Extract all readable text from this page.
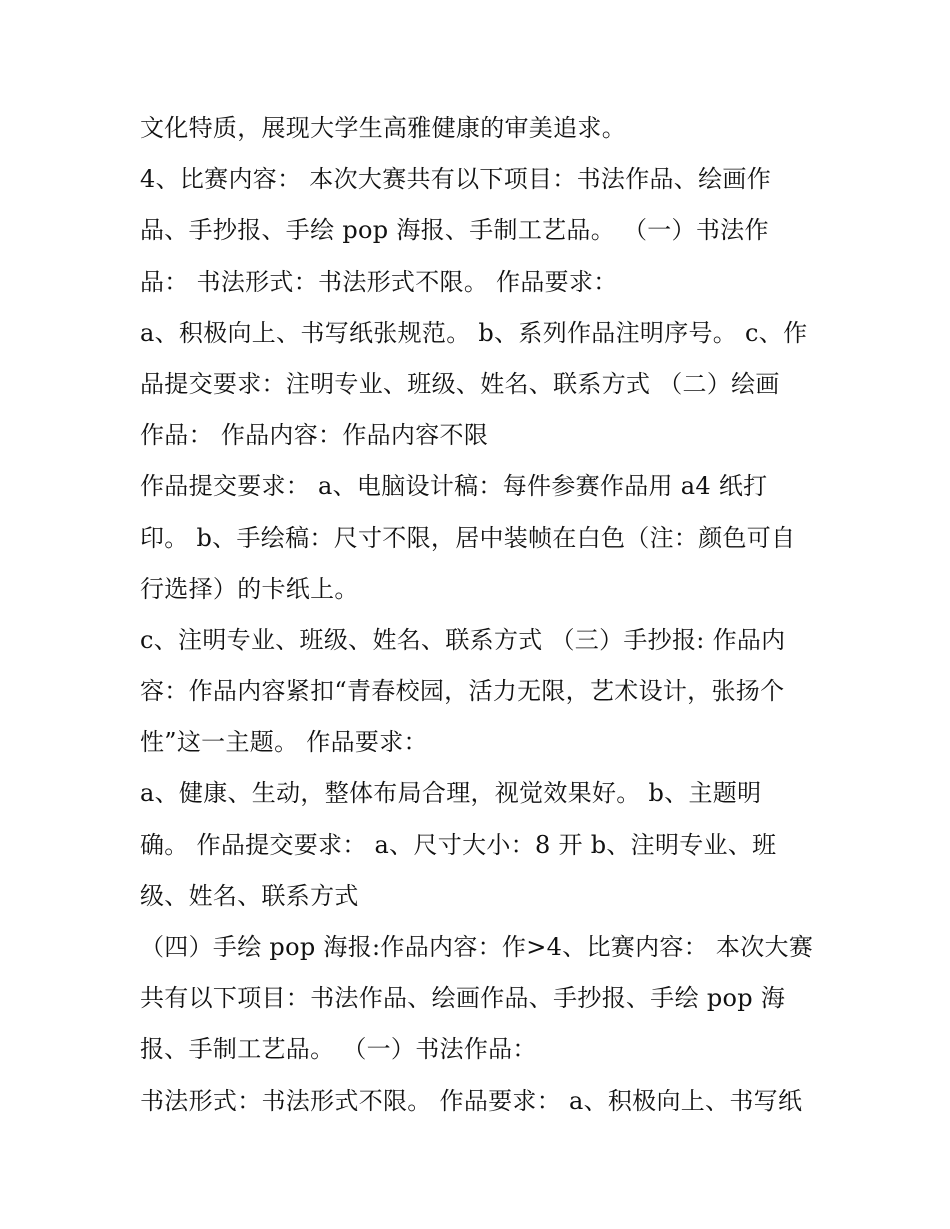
文化特质，展现大学生高雅健康的审美追求。
4、比赛内容： 本次大赛共有以下项目：书法作品、绘画作
品、手抄报、手绘 pop 海报、手制工艺品。 （一）书法作
品： 书法形式：书法形式不限。 作品要求：
a、积极向上、书写纸张规范。 b、系列作品注明序号。 c、作
品提交要求：注明专业、班级、姓名、联系方式 （二）绘画
作品： 作品内容：作品内容不限
作品提交要求： a、电脑设计稿：每件参赛作品用 a4 纸打
印。 b、手绘稿：尺寸不限，居中装帧在白色（注：颜色可自
行选择）的卡纸上。
c、注明专业、班级、姓名、联系方式 （三）手抄报: 作品内
容：作品内容紧扣“青春校园，活力无限，艺术设计，张扬个
性”这一主题。 作品要求：
a、健康、生动，整体布局合理，视觉效果好。 b、主题明
确。 作品提交要求： a、尺寸大小：8 开 b、注明专业、班
级、姓名、联系方式
（四）手绘 pop 海报:作品内容：作>4、比赛内容： 本次大赛
共有以下项目：书法作品、绘画作品、手抄报、手绘 pop 海
报、手制工艺品。 （一）书法作品：
书法形式：书法形式不限。 作品要求： a、积极向上、书写纸
